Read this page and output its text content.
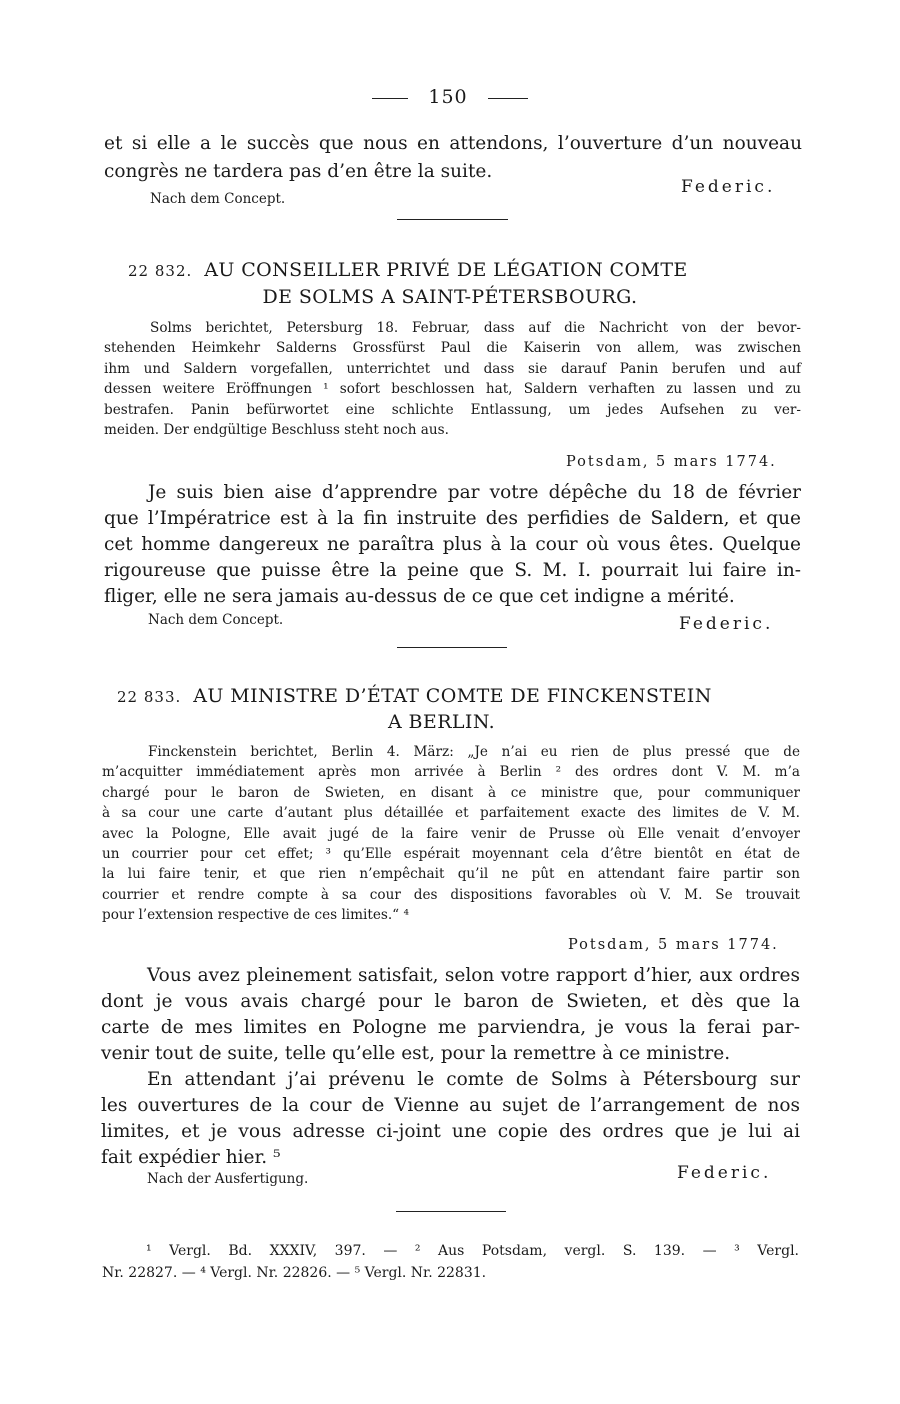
150
et si elle a le succès que nous en attendons, l’ouverture d’un nouveau
congrès ne tardera pas d’en être la suite.
Federic.
Nach dem Concept.
22 832. AU CONSEILLER PRIVÉ DE LÉGATION COMTE
DE SOLMS A SAINT-PÉTERSBOURG.
Solms berichtet, Petersburg 18. Februar, dass auf die Nachricht von der bevor-
stehenden Heimkehr Salderns Grossfürst Paul die Kaiserin von allem, was zwischen
ihm und Saldern vorgefallen, unterrichtet und dass sie darauf Panin berufen und auf
dessen weitere Eröffnungen ¹ sofort beschlossen hat, Saldern verhaften zu lassen und zu
bestrafen. Panin befürwortet eine schlichte Entlassung, um jedes Aufsehen zu ver-
meiden. Der endgültige Beschluss steht noch aus.
Potsdam, 5 mars 1774.
Je suis bien aise d’apprendre par votre dépêche du 18 de février
que l’Impératrice est à la fin instruite des perfidies de Saldern, et que
cet homme dangereux ne paraîtra plus à la cour où vous êtes. Quelque
rigoureuse que puisse être la peine que S. M. I. pourrait lui faire in-
fliger, elle ne sera jamais au-dessus de ce que cet indigne a mérité.
Nach dem Concept.	Federic.
22 833. AU MINISTRE D’ÉTAT COMTE DE FINCKENSTEIN
A BERLIN.
Finckenstein berichtet, Berlin 4. März: „Je n’ai eu rien de plus pressé que de
m’acquitter immédiatement après mon arrivée à Berlin ² des ordres dont V. M. m’a
chargé pour le baron de Swieten, en disant à ce ministre que, pour communiquer
à sa cour une carte d’autant plus détaillée et parfaitement exacte des limites de V. M.
avec la Pologne, Elle avait jugé de la faire venir de Prusse où Elle venait d’envoyer
un courrier pour cet effet; ³ qu’Elle espérait moyennant cela d’être bientôt en état de
la lui faire tenir, et que rien n’empêchait qu’il ne pût en attendant faire partir son
courrier et rendre compte à sa cour des dispositions favorables où V. M. Se trouvait
pour l’extension respective de ces limites.“ ⁴
Potsdam, 5 mars 1774.
Vous avez pleinement satisfait, selon votre rapport d’hier, aux ordres
dont je vous avais chargé pour le baron de Swieten, et dès que la
carte de mes limites en Pologne me parviendra, je vous la ferai par-
venir tout de suite, telle qu’elle est, pour la remettre à ce ministre.
En attendant j’ai prévenu le comte de Solms à Pétersbourg sur
les ouvertures de la cour de Vienne au sujet de l’arrangement de nos
limites, et je vous adresse ci-joint une copie des ordres que je lui ai
fait expédier hier. ⁵
Nach der Ausfertigung.	Federic.
¹ Vergl. Bd. XXXIV, 397. — ² Aus Potsdam, vergl. S. 139. — ³ Vergl.
Nr. 22827. — ⁴ Vergl. Nr. 22826. — ⁵ Vergl. Nr. 22831.
